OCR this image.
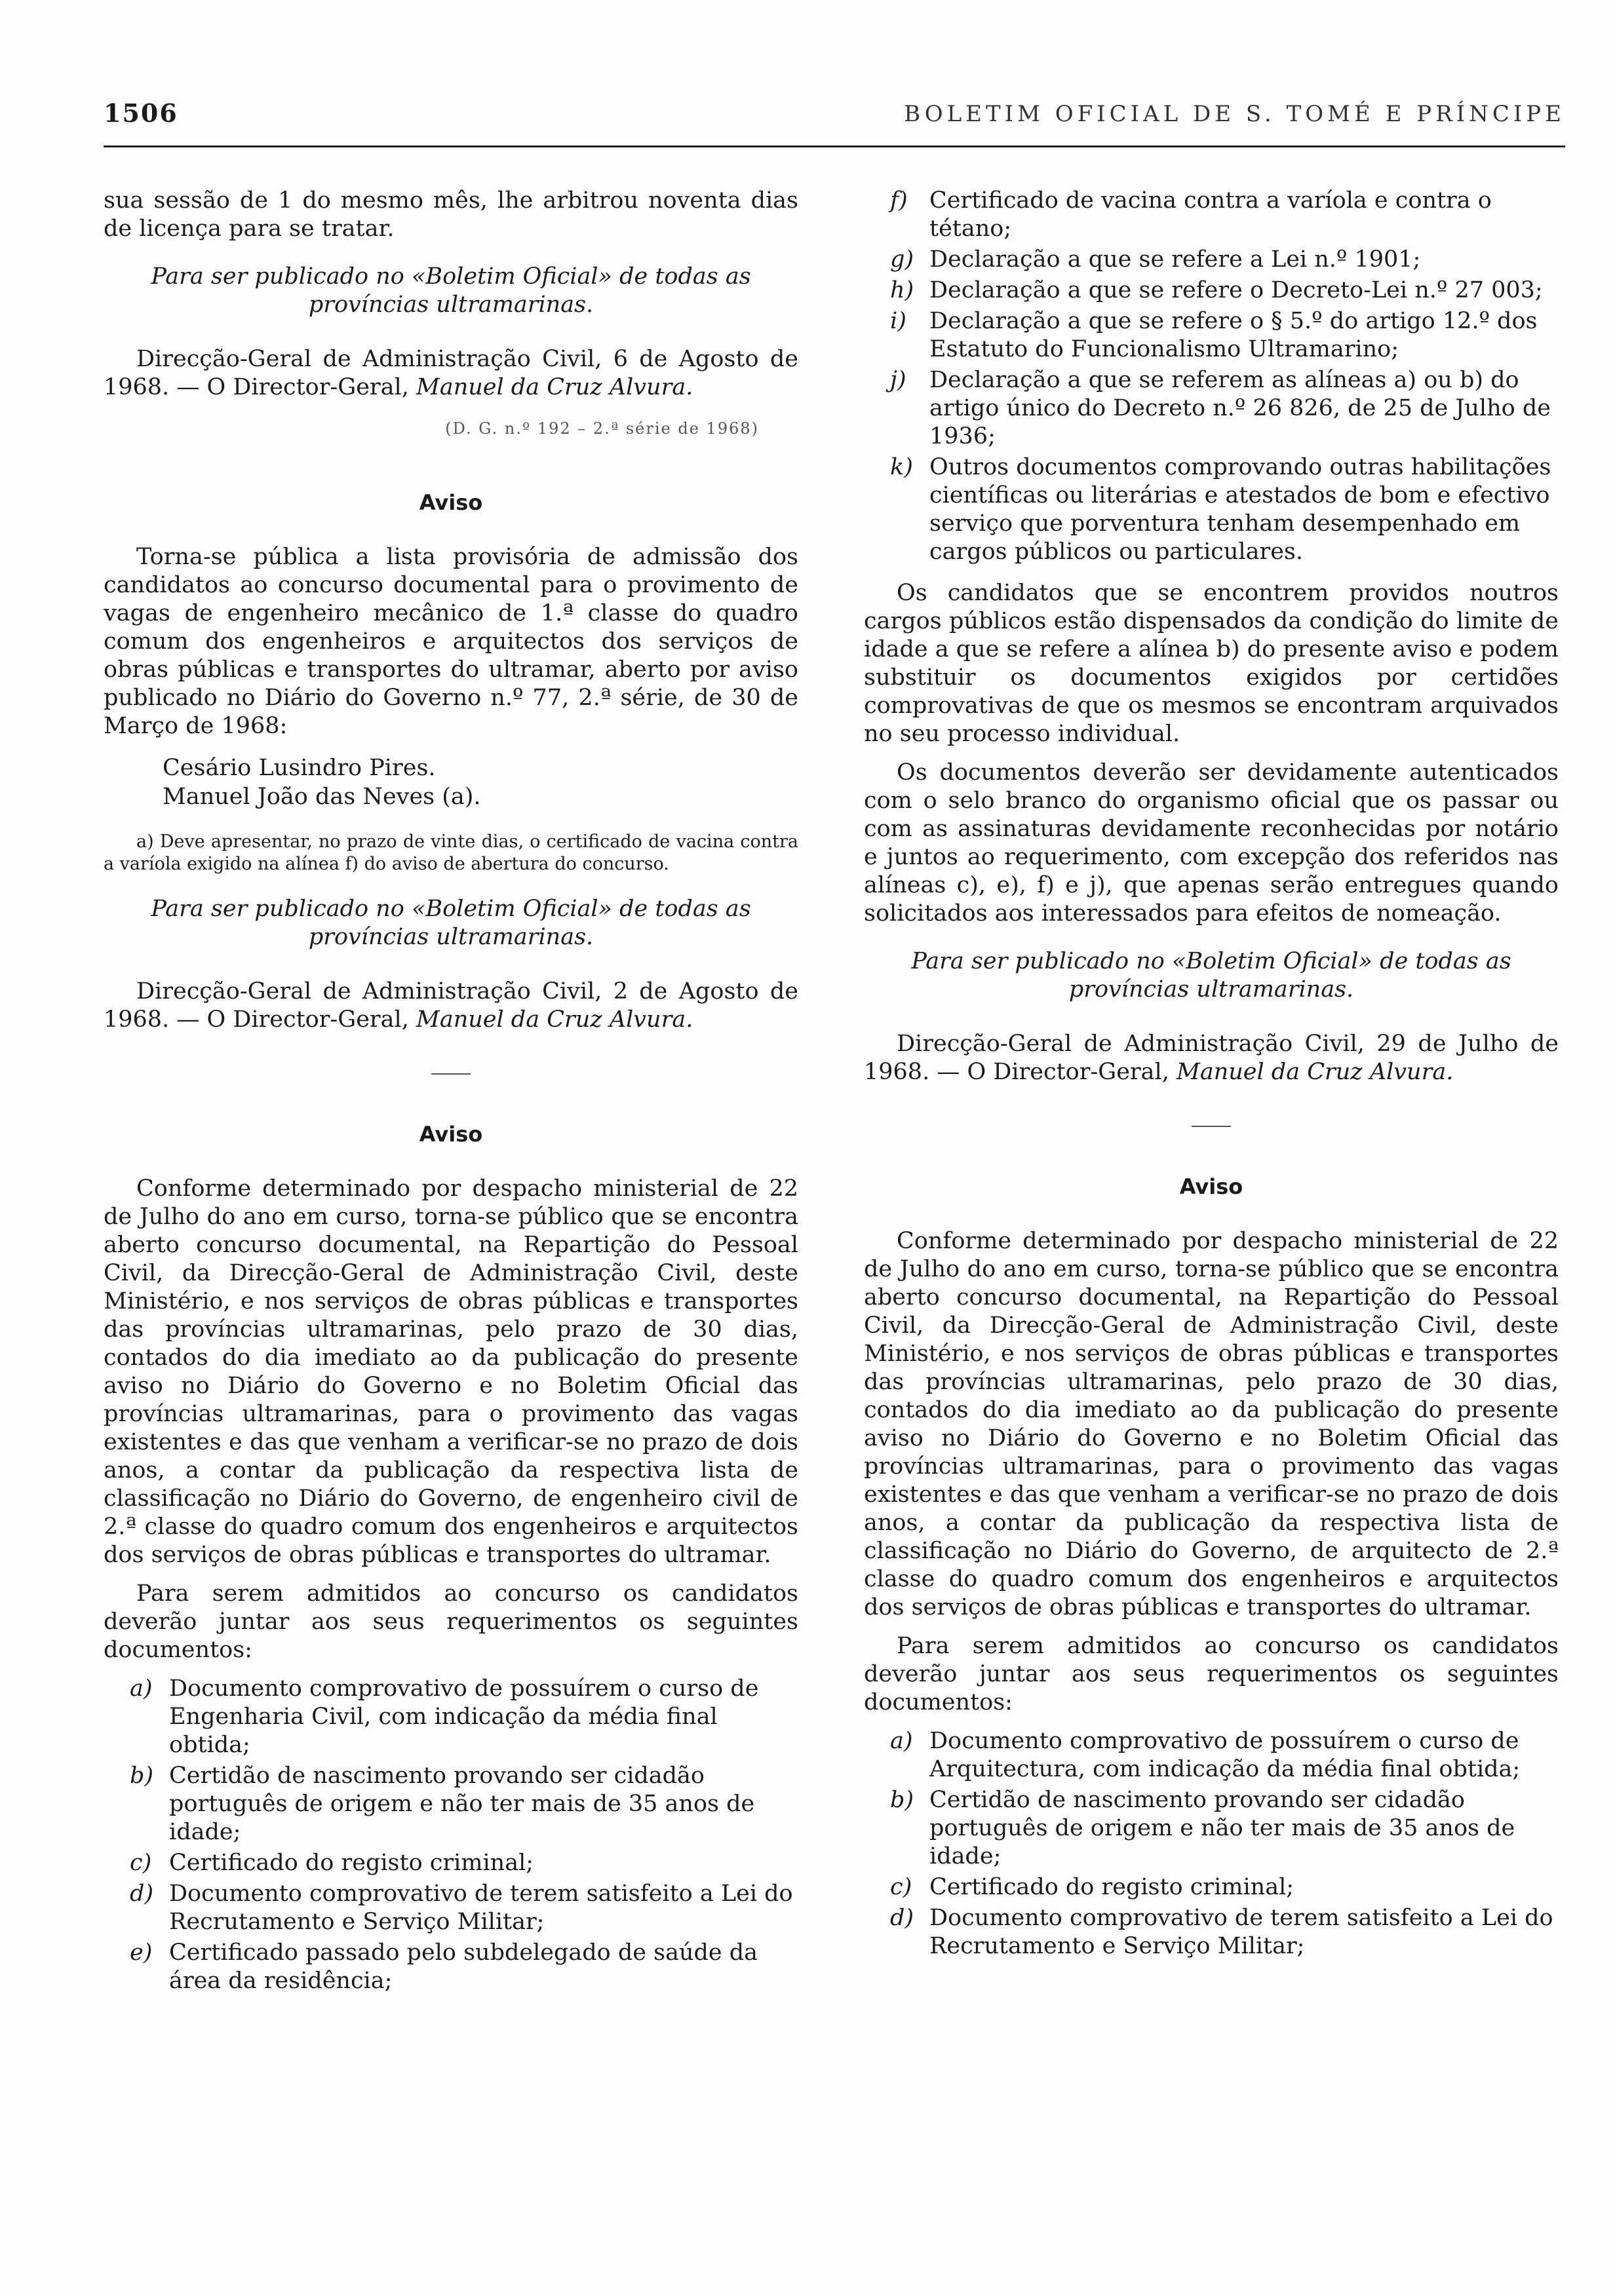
1506	BOLETIM OFICIAL DE S. TOMÉ E PRÍNCIPE

sua sessão de 1 do mesmo mês, lhe arbitrou noventa dias de licença para se tratar.

Para ser publicado no «Boletim Oficial» de todas as províncias ultramarinas.

Direcção-Geral de Administração Civil, 6 de Agosto de 1968. — O Director-Geral, Manuel da Cruz Alvura.

(D. G. n.º 192 – 2.ª série de 1968)
Aviso

Torna-se pública a lista provisória de admissão dos candidatos ao concurso documental para o provimento de vagas de engenheiro mecânico de 1.ª classe do quadro comum dos engenheiros e arquitectos dos serviços de obras públicas e transportes do ultramar, aberto por aviso publicado no Diário do Governo n.º 77, 2.ª série, de 30 de Março de 1968:

Cesário Lusindro Pires.
Manuel João das Neves (a).

a) Deve apresentar, no prazo de vinte dias, o certificado de vacina contra a varíola exigido na alínea f) do aviso de abertura do concurso.

Para ser publicado no «Boletim Oficial» de todas as províncias ultramarinas.

Direcção-Geral de Administração Civil, 2 de Agosto de 1968. — O Director-Geral, Manuel da Cruz Alvura.

Aviso

Conforme determinado por despacho ministerial de 22 de Julho do ano em curso, torna-se público que se encontra aberto concurso documental, na Repartição do Pessoal Civil, da Direcção-Geral de Administração Civil, deste Ministério, e nos serviços de obras públicas e transportes das províncias ultramarinas, pelo prazo de 30 dias, contados do dia imediato ao da publicação do presente aviso no Diário do Governo e no Boletim Oficial das províncias ultramarinas, para o provimento das vagas existentes e das que venham a verificar-se no prazo de dois anos, a contar da publicação da respectiva lista de classificação no Diário do Governo, de engenheiro civil de 2.ª classe do quadro comum dos engenheiros e arquitectos dos serviços de obras públicas e transportes do ultramar.

Para serem admitidos ao concurso os candidatos deverão juntar aos seus requerimentos os seguintes documentos:

a) Documento comprovativo de possuírem o curso de Engenharia Civil, com indicação da média final obtida;
b) Certidão de nascimento provando ser cidadão português de origem e não ter mais de 35 anos de idade;
c) Certificado do registo criminal;
d) Documento comprovativo de terem satisfeito a Lei do Recrutamento e Serviço Militar;
e) Certificado passado pelo subdelegado de saúde da área da residência;
f) Certificado de vacina contra a varíola e contra o tétano;
g) Declaração a que se refere a Lei n.º 1901;
h) Declaração a que se refere o Decreto-Lei n.º 27 003;
i) Declaração a que se refere o § 5.º do artigo 12.º dos Estatuto do Funcionalismo Ultramarino;
j) Declaração a que se referem as alíneas a) ou b) do artigo único do Decreto n.º 26 826, de 25 de Julho de 1936;
k) Outros documentos comprovando outras habilitações científicas ou literárias e atestados de bom e efectivo serviço que porventura tenham desempenhado em cargos públicos ou particulares.

Os candidatos que se encontrem providos noutros cargos públicos estão dispensados da condição do limite de idade a que se refere a alínea b) do presente aviso e podem substituir os documentos exigidos por certidões comprovativas de que os mesmos se encontram arquivados no seu processo individual.

Os documentos deverão ser devidamente autenticados com o selo branco do organismo oficial que os passar ou com as assinaturas devidamente reconhecidas por notário e juntos ao requerimento, com excepção dos referidos nas alíneas c), e), f) e j), que apenas serão entregues quando solicitados aos interessados para efeitos de nomeação.

Para ser publicado no «Boletim Oficial» de todas as províncias ultramarinas.

Direcção-Geral de Administração Civil, 29 de Julho de 1968. — O Director-Geral, Manuel da Cruz Alvura.

Aviso

Conforme determinado por despacho ministerial de 22 de Julho do ano em curso, torna-se público que se encontra aberto concurso documental, na Repartição do Pessoal Civil, da Direcção-Geral de Administração Civil, deste Ministério, e nos serviços de obras públicas e transportes das províncias ultramarinas, pelo prazo de 30 dias, contados do dia imediato ao da publicação do presente aviso no Diário do Governo e no Boletim Oficial das províncias ultramarinas, para o provimento das vagas existentes e das que venham a verificar-se no prazo de dois anos, a contar da publicação da respectiva lista de classificação no Diário do Governo, de arquitecto de 2.ª classe do quadro comum dos engenheiros e arquitectos dos serviços de obras públicas e transportes do ultramar.

Para serem admitidos ao concurso os candidatos deverão juntar aos seus requerimentos os seguintes documentos:

a) Documento comprovativo de possuírem o curso de Arquitectura, com indicação da média final obtida;
b) Certidão de nascimento provando ser cidadão português de origem e não ter mais de 35 anos de idade;
c) Certificado do registo criminal;
d) Documento comprovativo de terem satisfeito a Lei do Recrutamento e Serviço Militar;
